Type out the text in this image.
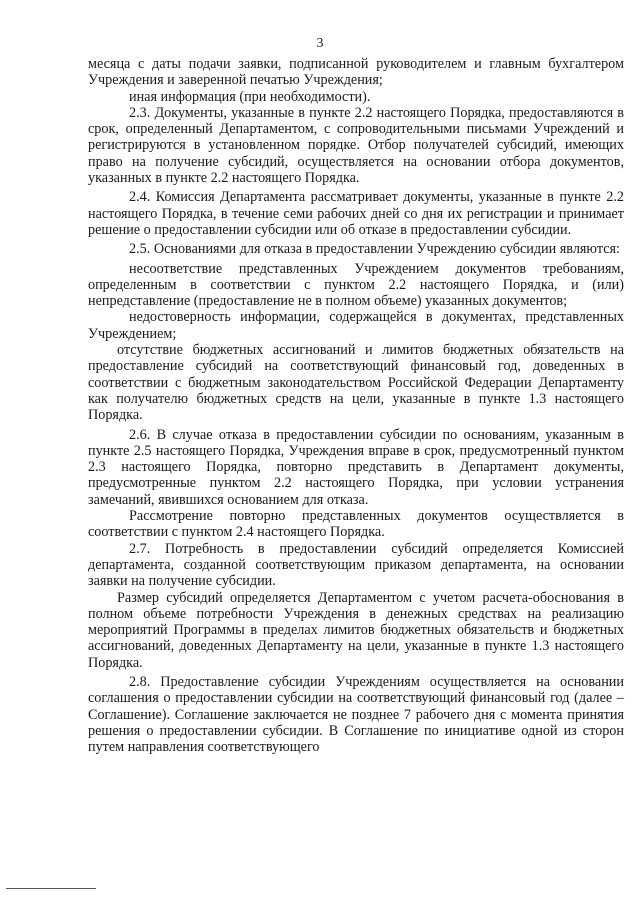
3

месяца с даты подачи заявки, подписанной руководителем и главным бухгалтером Учреждения и заверенной печатью Учреждения;

иная информация (при необходимости).

2.3. Документы, указанные в пункте 2.2 настоящего Порядка, предоставляются в срок, определенный Департаментом, с сопроводительными письмами Учреждений и регистрируются в установленном порядке. Отбор получателей субсидий, имеющих право на получение субсидий, осуществляется на основании отбора документов, указанных в пункте 2.2 настоящего Порядка.

2.4. Комиссия Департамента рассматривает документы, указанные в пункте 2.2 настоящего Порядка, в течение семи рабочих дней со дня их регистрации и принимает решение о предоставлении субсидии или об отказе в предоставлении субсидии.

2.5. Основаниями для отказа в предоставлении Учреждению субсидии являются:

несоответствие представленных Учреждением документов требованиям, определенным в соответствии с пунктом 2.2 настоящего Порядка, и (или) непредставление (предоставление не в полном объеме) указанных документов;

недостоверность информации, содержащейся в документах, представленных Учреждением;

отсутствие бюджетных ассигнований и лимитов бюджетных обязательств на предоставление субсидий на соответствующий финансовый год, доведенных в соответствии с бюджетным законодательством Российской Федерации Департаменту как получателю бюджетных средств на цели, указанные в пункте 1.3 настоящего Порядка.

2.6. В случае отказа в предоставлении субсидии по основаниям, указанным в пункте 2.5 настоящего Порядка, Учреждения вправе в срок, предусмотренный пунктом 2.3 настоящего Порядка, повторно представить в Департамент документы, предусмотренные пунктом 2.2 настоящего Порядка, при условии устранения замечаний, явившихся основанием для отказа.

Рассмотрение повторно представленных документов осуществляется в соответствии с пунктом 2.4 настоящего Порядка.

2.7. Потребность в предоставлении субсидий определяется Комиссией департамента, созданной соответствующим приказом департамента, на основании заявки на получение субсидии.

Размер субсидий определяется Департаментом с учетом расчета-обоснования в полном объеме потребности Учреждения в денежных средствах на реализацию мероприятий Программы в пределах лимитов бюджетных обязательств и бюджетных ассигнований, доведенных Департаменту на цели, указанные в пункте 1.3 настоящего Порядка.

2.8. Предоставление субсидии Учреждениям осуществляется на основании соглашения о предоставлении субсидии на соответствующий финансовый год (далее – Соглашение). Соглашение заключается не позднее 7 рабочего дня с момента принятия решения о предоставлении субсидии. В Соглашение по инициативе одной из сторон путем направления соответствующего
